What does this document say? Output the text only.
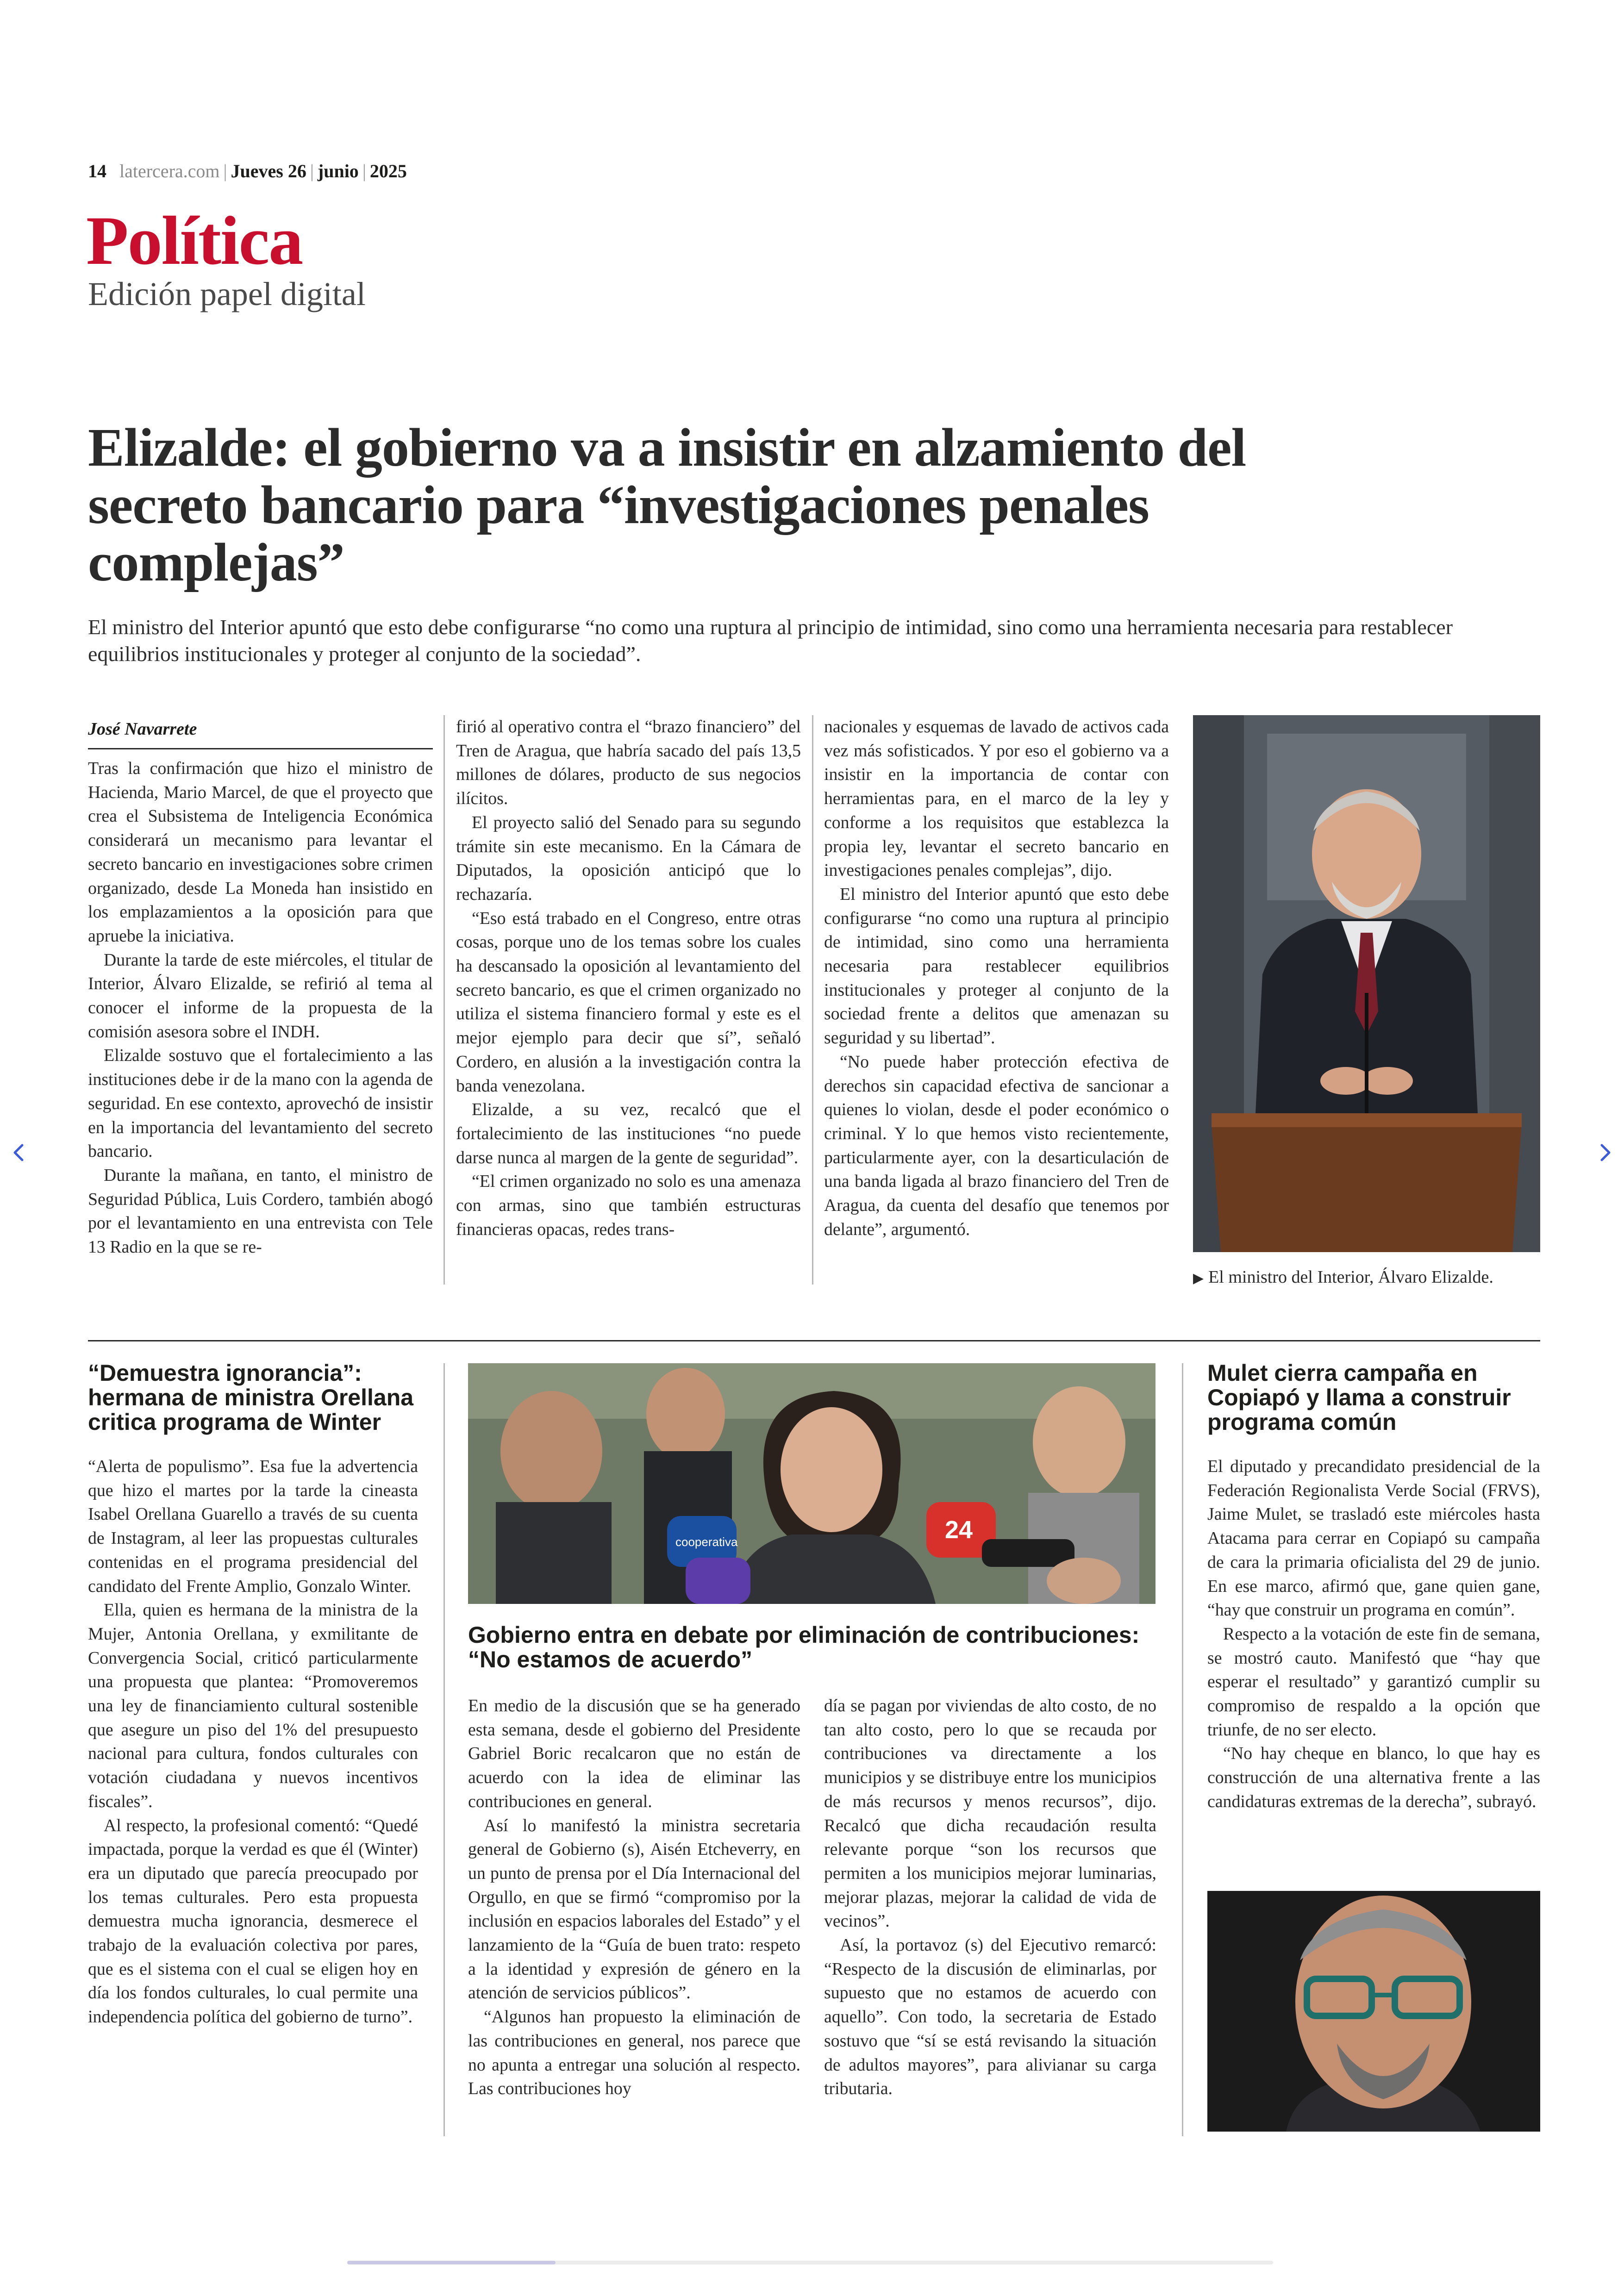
14 latercera.com | Jueves 26 | junio | 2025
Política
Edición papel digital
Elizalde: el gobierno va a insistir en alzamiento del secreto bancario para “investigaciones penales complejas”

El ministro del Interior apuntó que esto debe configurarse “no como una ruptura al principio de intimidad, sino como una herramienta necesaria para restablecer equilibrios institucionales y proteger al conjunto de la sociedad”.

José Navarrete

Tras la confirmación que hizo el ministro de Hacienda, Mario Marcel, de que el proyecto que crea el Subsistema de Inteligencia Económica considerará un mecanismo para levantar el secreto bancario en investigaciones sobre crimen organizado, desde La Moneda han insistido en los emplazamientos a la oposición para que apruebe la iniciativa.

Durante la tarde de este miércoles, el titular de Interior, Álvaro Elizalde, se refirió al tema al conocer el informe de la propuesta de la comisión asesora sobre el INDH.

Elizalde sostuvo que el fortalecimiento a las instituciones debe ir de la mano con la agenda de seguridad. En ese contexto, aprovechó de insistir en la importancia del levantamiento del secreto bancario.

Durante la mañana, en tanto, el ministro de Seguridad Pública, Luis Cordero, también abogó por el levantamiento en una entrevista con Tele 13 Radio en la que se re-

firió al operativo contra el “brazo financiero” del Tren de Aragua, que habría sacado del país 13,5 millones de dólares, producto de sus negocios ilícitos.

El proyecto salió del Senado para su segundo trámite sin este mecanismo. En la Cámara de Diputados, la oposición anticipó que lo rechazaría.

“Eso está trabado en el Congreso, entre otras cosas, porque uno de los temas sobre los cuales ha descansado la oposición al levantamiento del secreto bancario, es que el crimen organizado no utiliza el sistema financiero formal y este es el mejor ejemplo para decir que sí”, señaló Cordero, en alusión a la investigación contra la banda venezolana.

Elizalde, a su vez, recalcó que el fortalecimiento de las instituciones “no puede darse nunca al margen de la gente de seguridad”.

“El crimen organizado no solo es una amenaza con armas, sino que también estructuras financieras opacas, redes trans-

nacionales y esquemas de lavado de activos cada vez más sofisticados. Y por eso el gobierno va a insistir en la importancia de contar con herramientas para, en el marco de la ley y conforme a los requisitos que establezca la propia ley, levantar el secreto bancario en investigaciones penales complejas”, dijo.

El ministro del Interior apuntó que esto debe configurarse “no como una ruptura al principio de intimidad, sino como una herramienta necesaria para restablecer equilibrios institucionales y proteger al conjunto de la sociedad frente a delitos que amenazan su seguridad y su libertad”.

“No puede haber protección efectiva de derechos sin capacidad efectiva de sancionar a quienes lo violan, desde el poder económico o criminal. Y lo que hemos visto recientemente, particularmente ayer, con la desarticulación de una banda ligada al brazo financiero del Tren de Aragua, da cuenta del desafío que tenemos por delante”, argumentó.

▶ El ministro del Interior, Álvaro Elizalde.
“Demuestra ignorancia”: hermana de ministra Orellana critica programa de Winter

“Alerta de populismo”. Esa fue la advertencia que hizo el martes por la tarde la cineasta Isabel Orellana Guarello a través de su cuenta de Instagram, al leer las propuestas culturales contenidas en el programa presidencial del candidato del Frente Amplio, Gonzalo Winter.

Ella, quien es hermana de la ministra de la Mujer, Antonia Orellana, y exmilitante de Convergencia Social, criticó particularmente una propuesta que plantea: “Promoveremos una ley de financiamiento cultural sostenible que asegure un piso del 1% del presupuesto nacional para cultura, fondos culturales con votación ciudadana y nuevos incentivos fiscales”.

Al respecto, la profesional comentó: “Quedé impactada, porque la verdad es que él (Winter) era un diputado que parecía preocupado por los temas culturales. Pero esta propuesta demuestra mucha ignorancia, desmerece el trabajo de la evaluación colectiva por pares, que es el sistema con el cual se eligen hoy en día los fondos culturales, lo cual permite una independencia política del gobierno de turno”.

cooperativa	24
Gobierno entra en debate por eliminación de contribuciones: “No estamos de acuerdo”

En medio de la discusión que se ha generado esta semana, desde el gobierno del Presidente Gabriel Boric recalcaron que no están de acuerdo con la idea de eliminar las contribuciones en general.

Así lo manifestó la ministra secretaria general de Gobierno (s), Aisén Etcheverry, en un punto de prensa por el Día Internacional del Orgullo, en que se firmó “compromiso por la inclusión en espacios laborales del Estado” y el lanzamiento de la “Guía de buen trato: respeto a la identidad y expresión de género en la atención de servicios públicos”.

“Algunos han propuesto la eliminación de las contribuciones en general, nos parece que no apunta a entregar una solución al respecto. Las contribuciones hoy

día se pagan por viviendas de alto costo, de no tan alto costo, pero lo que se recauda por contribuciones va directamente a los municipios y se distribuye entre los municipios de más recursos y menos recursos”, dijo. Recalcó que dicha recaudación resulta relevante porque “son los recursos que permiten a los municipios mejorar luminarias, mejorar plazas, mejorar la calidad de vida de vecinos”.

Así, la portavoz (s) del Ejecutivo remarcó: “Respecto de la discusión de eliminarlas, por supuesto que no estamos de acuerdo con aquello”. Con todo, la secretaria de Estado sostuvo que “sí se está revisando la situación de adultos mayores”, para alivianar su carga tributaria.

Mulet cierra campaña en Copiapó y llama a construir programa común

El diputado y precandidato presidencial de la Federación Regionalista Verde Social (FRVS), Jaime Mulet, se trasladó este miércoles hasta Atacama para cerrar en Copiapó su campaña de cara la primaria oficialista del 29 de junio. En ese marco, afirmó que, gane quien gane, “hay que construir un programa en común”.

Respecto a la votación de este fin de semana, se mostró cauto. Manifestó que “hay que esperar el resultado” y garantizó cumplir su compromiso de respaldo a la opción que triunfe, de no ser electo.

“No hay cheque en blanco, lo que hay es construcción de una alternativa frente a las candidaturas extremas de la derecha”, subrayó.
